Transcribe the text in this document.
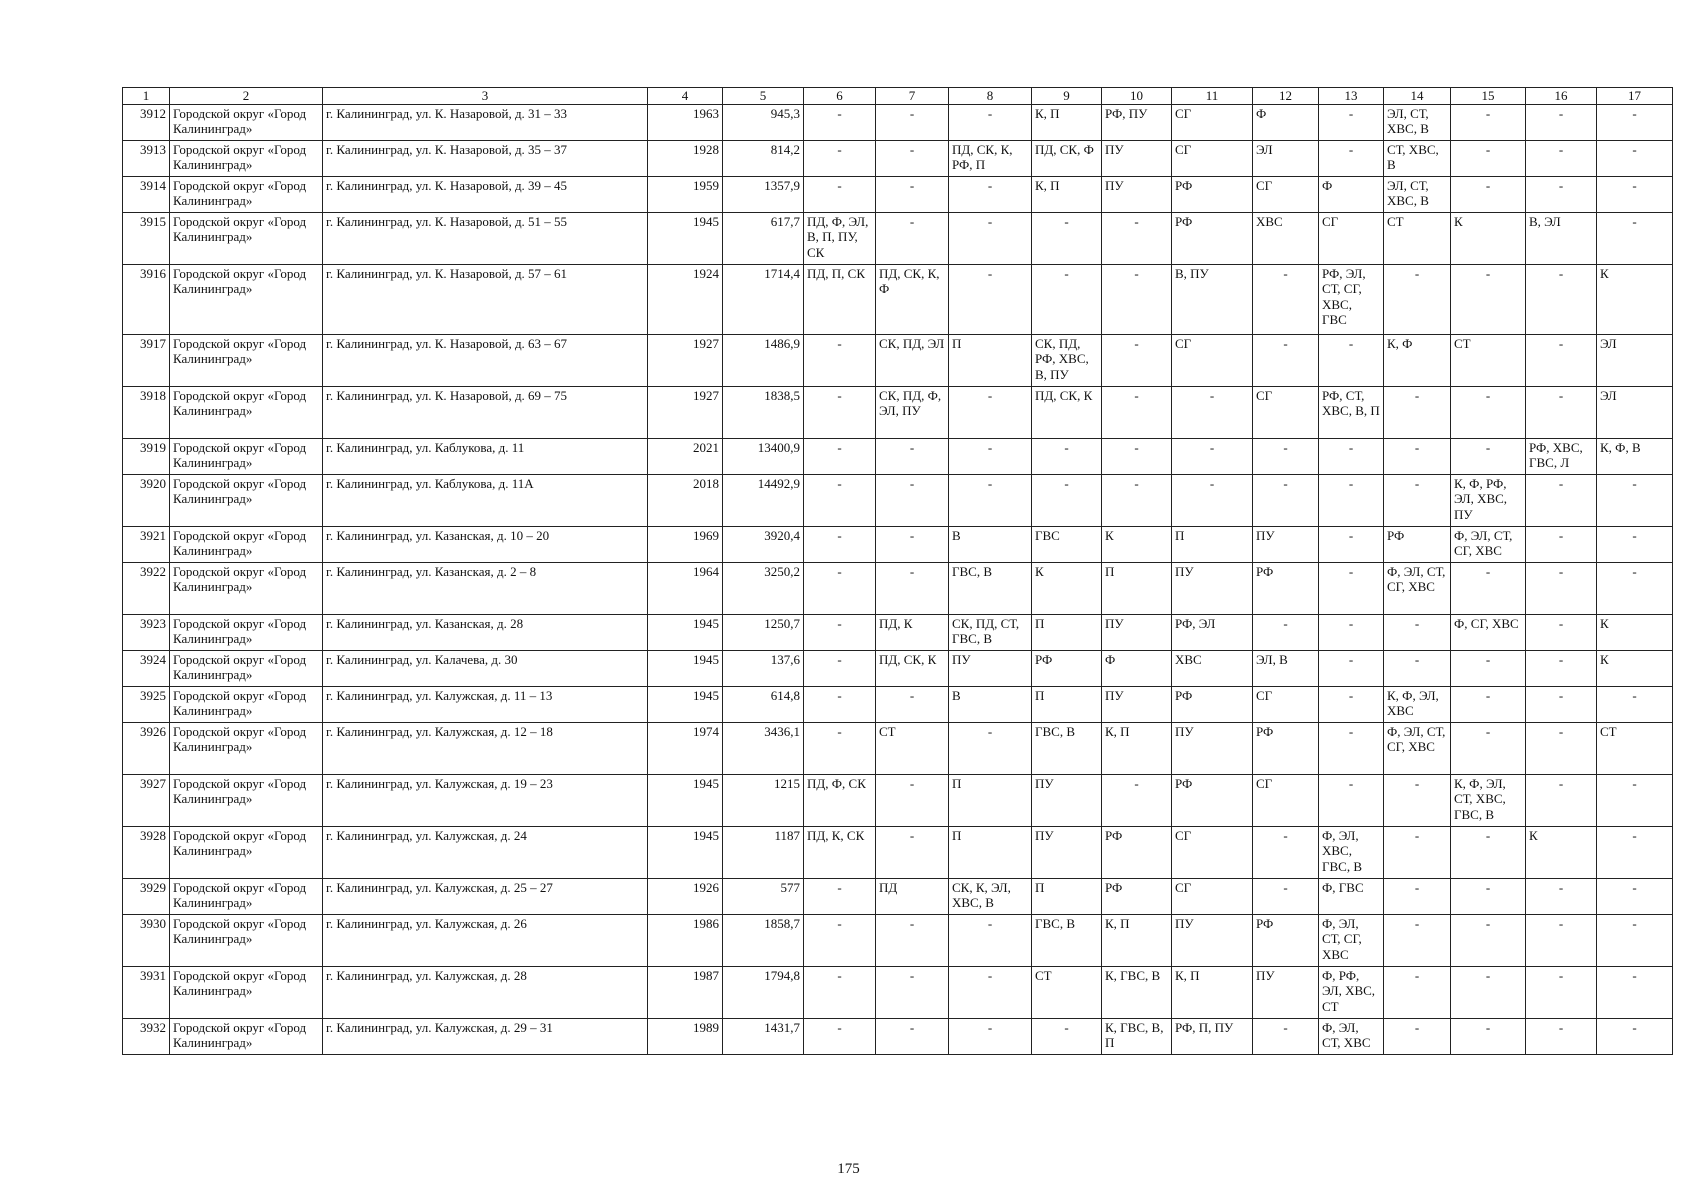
1	2	3	4	5	6	7	8	9	10	11	12	13	14	15	16	17
3912	Городской округ «Город Калининград»	г. Калининград, ул. К. Назаровой, д. 31 – 33	1963	945,3	-	-	-	К, П	РФ, ПУ	СГ	Ф	-	ЭЛ, СТ, ХВС, В	-	-	-
3913	Городской округ «Город Калининград»	г. Калининград, ул. К. Назаровой, д. 35 – 37	1928	814,2	-	-	ПД, СК, К, РФ, П	ПД, СК, Ф	ПУ	СГ	ЭЛ	-	СТ, ХВС, В	-	-	-
3914	Городской округ «Город Калининград»	г. Калининград, ул. К. Назаровой, д. 39 – 45	1959	1357,9	-	-	-	К, П	ПУ	РФ	СГ	Ф	ЭЛ, СТ, ХВС, В	-	-	-
3915	Городской округ «Город Калининград»	г. Калининград, ул. К. Назаровой, д. 51 – 55	1945	617,7	ПД, Ф, ЭЛ, В, П, ПУ, СК	-	-	-	-	РФ	ХВС	СГ	СТ	К	В, ЭЛ	-
3916	Городской округ «Город Калининград»	г. Калининград, ул. К. Назаровой, д. 57 – 61	1924	1714,4	ПД, П, СК	ПД, СК, К, Ф	-	-	-	В, ПУ	-	РФ, ЭЛ, СТ, СГ, ХВС, ГВС	-	-	-	К
3917	Городской округ «Город Калининград»	г. Калининград, ул. К. Назаровой, д. 63 – 67	1927	1486,9	-	СК, ПД, ЭЛ	П	СК, ПД, РФ, ХВС, В, ПУ	-	СГ	-	-	К, Ф	СТ	-	ЭЛ
3918	Городской округ «Город Калининград»	г. Калининград, ул. К. Назаровой, д. 69 – 75	1927	1838,5	-	СК, ПД, Ф, ЭЛ, ПУ	-	ПД, СК, К	-	-	СГ	РФ, СТ, ХВС, В, П	-	-	-	ЭЛ
3919	Городской округ «Город Калининград»	г. Калининград, ул. Каблукова, д. 11	2021	13400,9	-	-	-	-	-	-	-	-	-	-	РФ, ХВС, ГВС, Л	К, Ф, В
3920	Городской округ «Город Калининград»	г. Калининград, ул. Каблукова, д. 11А	2018	14492,9	-	-	-	-	-	-	-	-	-	К, Ф, РФ, ЭЛ, ХВС, ПУ	-	-
3921	Городской округ «Город Калининград»	г. Калининград, ул. Казанская, д. 10 – 20	1969	3920,4	-	-	В	ГВС	К	П	ПУ	-	РФ	Ф, ЭЛ, СТ, СГ, ХВС	-	-
3922	Городской округ «Город Калининград»	г. Калининград, ул. Казанская, д. 2 – 8	1964	3250,2	-	-	ГВС, В	К	П	ПУ	РФ	-	Ф, ЭЛ, СТ, СГ, ХВС	-	-	-
3923	Городской округ «Город Калининград»	г. Калининград, ул. Казанская, д. 28	1945	1250,7	-	ПД, К	СК, ПД, СТ, ГВС, В	П	ПУ	РФ, ЭЛ	-	-	-	Ф, СГ, ХВС	-	К
3924	Городской округ «Город Калининград»	г. Калининград, ул. Калачева, д. 30	1945	137,6	-	ПД, СК, К	ПУ	РФ	Ф	ХВС	ЭЛ, В	-	-	-	-	К
3925	Городской округ «Город Калининград»	г. Калининград, ул. Калужская, д. 11 – 13	1945	614,8	-	-	В	П	ПУ	РФ	СГ	-	К, Ф, ЭЛ, ХВС	-	-	-
3926	Городской округ «Город Калининград»	г. Калининград, ул. Калужская, д. 12 – 18	1974	3436,1	-	СТ	-	ГВС, В	К, П	ПУ	РФ	-	Ф, ЭЛ, СТ, СГ, ХВС	-	-	СТ
3927	Городской округ «Город Калининград»	г. Калининград, ул. Калужская, д. 19 – 23	1945	1215	ПД, Ф, СК	-	П	ПУ	-	РФ	СГ	-	-	К, Ф, ЭЛ, СТ, ХВС, ГВС, В	-	-
3928	Городской округ «Город Калининград»	г. Калининград, ул. Калужская, д. 24	1945	1187	ПД, К, СК	-	П	ПУ	РФ	СГ	-	Ф, ЭЛ, ХВС, ГВС, В	-	-	К	-
3929	Городской округ «Город Калининград»	г. Калининград, ул. Калужская, д. 25 – 27	1926	577	-	ПД	СК, К, ЭЛ, ХВС, В	П	РФ	СГ	-	Ф, ГВС	-	-	-	-
3930	Городской округ «Город Калининград»	г. Калининград, ул. Калужская, д. 26	1986	1858,7	-	-	-	ГВС, В	К, П	ПУ	РФ	Ф, ЭЛ, СТ, СГ, ХВС	-	-	-	-
3931	Городской округ «Город Калининград»	г. Калининград, ул. Калужская, д. 28	1987	1794,8	-	-	-	СТ	К, ГВС, В	К, П	ПУ	Ф, РФ, ЭЛ, ХВС, СТ	-	-	-	-
3932	Городской округ «Город Калининград»	г. Калининград, ул. Калужская, д. 29 – 31	1989	1431,7	-	-	-	-	К, ГВС, В, П	РФ, П, ПУ	-	Ф, ЭЛ, СТ, ХВС	-	-	-	-
175
